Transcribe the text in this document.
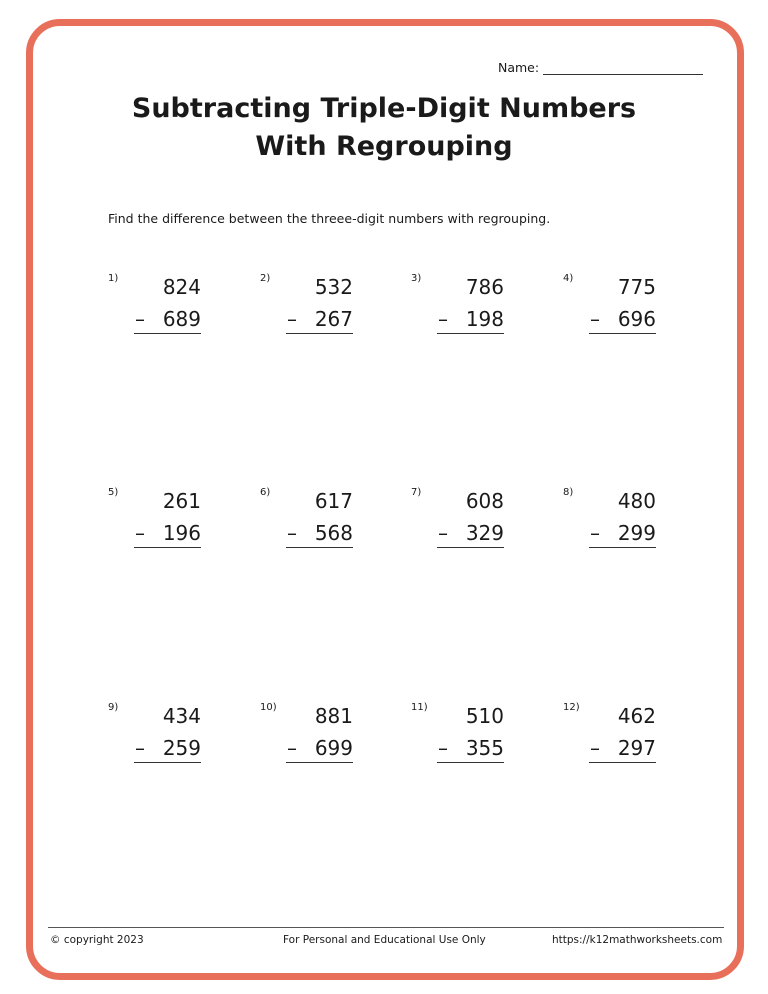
Name:
Subtracting Triple-Digit Numbers With Regrouping
Find the difference between the threee-digit numbers with regrouping.
1)	824
– 689
2)	532
– 267
3)	786
– 198
4)	775
– 696
5)	261
– 196
6)	617
– 568
7)	608
– 329
8)	480
– 299
9)	434
– 259
10)	881
– 699
11)	510
– 355
12)	462
– 297
© copyright 2023	For Personal and Educational Use Only	https://k12mathworksheets.com
